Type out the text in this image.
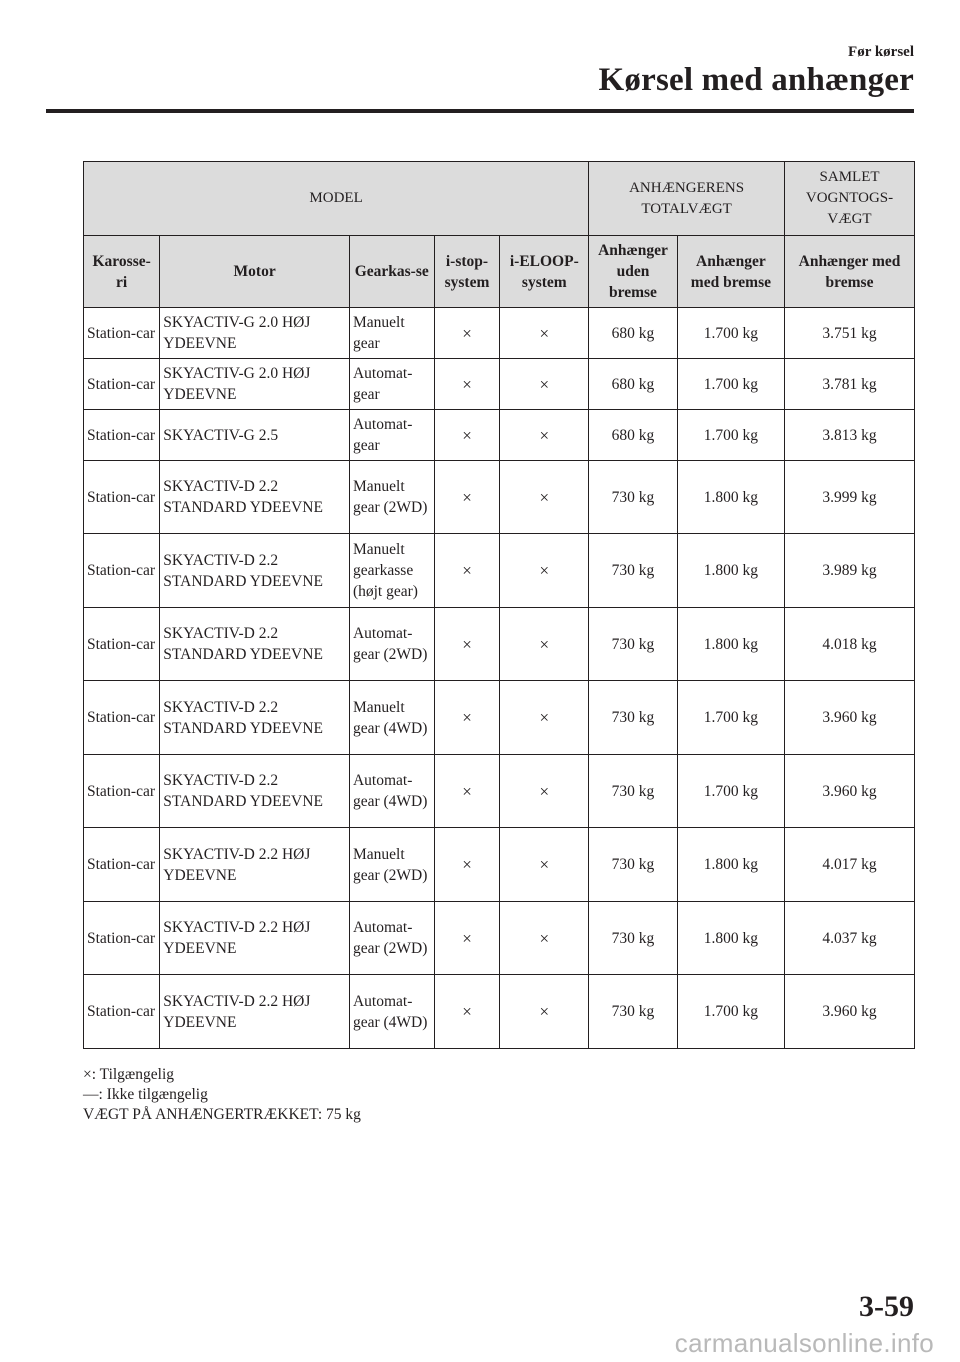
Før kørsel
Kørsel med anhænger
MODEL					ANHÆNGERENS TOTALVÆGT		SAMLET VOGNTOGS-VÆGT
Karosse-ri	Motor	Gearkas-se	i-stop-system	i-ELOOP-system	Anhænger uden bremse	Anhænger med bremse	Anhænger med bremse
Station-car	SKYACTIV-G 2.0 HØJ YDEEVNE	Manuelt gear	×	×	680 kg	1.700 kg	3.751 kg
Station-car	SKYACTIV-G 2.0 HØJ YDEEVNE	Automat-gear	×	×	680 kg	1.700 kg	3.781 kg
Station-car	SKYACTIV-G 2.5	Automat-gear	×	×	680 kg	1.700 kg	3.813 kg
Station-car	SKYACTIV-D 2.2 STANDARD YDEEVNE	Manuelt gear (2WD)	×	×	730 kg	1.800 kg	3.999 kg
Station-car	SKYACTIV-D 2.2 STANDARD YDEEVNE	Manuelt gearkasse (højt gear)	×	×	730 kg	1.800 kg	3.989 kg
Station-car	SKYACTIV-D 2.2 STANDARD YDEEVNE	Automat-gear (2WD)	×	×	730 kg	1.800 kg	4.018 kg
Station-car	SKYACTIV-D 2.2 STANDARD YDEEVNE	Manuelt gear (4WD)	×	×	730 kg	1.700 kg	3.960 kg
Station-car	SKYACTIV-D 2.2 STANDARD YDEEVNE	Automat-gear (4WD)	×	×	730 kg	1.700 kg	3.960 kg
Station-car	SKYACTIV-D 2.2 HØJ YDEEVNE	Manuelt gear (2WD)	×	×	730 kg	1.800 kg	4.017 kg
Station-car	SKYACTIV-D 2.2 HØJ YDEEVNE	Automat-gear (2WD)	×	×	730 kg	1.800 kg	4.037 kg
Station-car	SKYACTIV-D 2.2 HØJ YDEEVNE	Automat-gear (4WD)	×	×	730 kg	1.700 kg	3.960 kg
×: Tilgængelig
—: Ikke tilgængelig
VÆGT PÅ ANHÆNGERTRÆKKET: 75 kg
3-59
carmanualsonline.info
